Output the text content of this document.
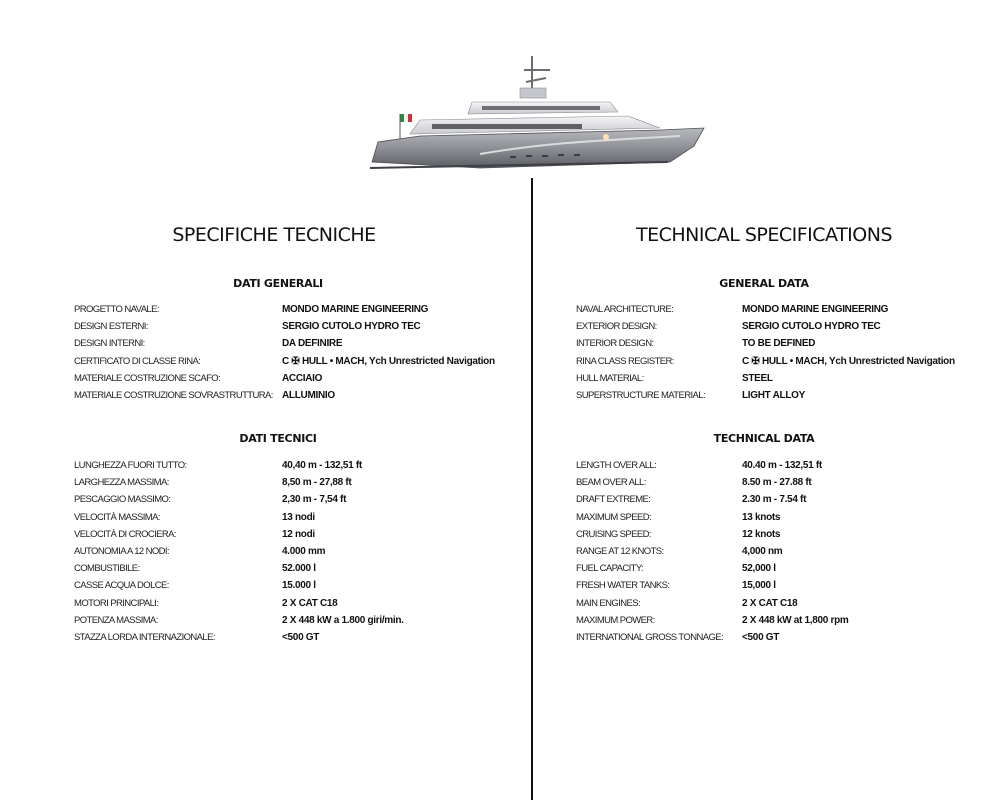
SPECIFICHE TECNICHE
DATI GENERALI
PROGETTO NAVALE:	MONDO MARINE ENGINEERING
DESIGN ESTERNI:	SERGIO CUTOLO HYDRO TEC
DESIGN INTERNI:	DA DEFINIRE
CERTIFICATO DI CLASSE RINA:	C ✠ HULL • MACH, Ych Unrestricted Navigation
MATERIALE COSTRUZIONE SCAFO:	ACCIAIO
MATERIALE COSTRUZIONE SOVRASTRUTTURA: ALLUMINIO
DATI TECNICI
LUNGHEZZA FUORI TUTTO:	40,40 m - 132,51 ft
LARGHEZZA MASSIMA:	8,50 m - 27,88 ft
PESCAGGIO MASSIMO:	2,30 m - 7,54 ft
VELOCITÀ MASSIMA:	13 nodi
VELOCITÀ DI CROCIERA:	12 nodi
AUTONOMIA A 12 NODI:	4.000 mm
COMBUSTIBILE:	52.000 l
CASSE ACQUA DOLCE:	15.000 l
MOTORI PRINCIPALI:	2 X CAT C18
POTENZA MASSIMA:	2 X 448 kW a 1.800 giri/min.
STAZZA LORDA INTERNAZIONALE:	<500 GT
TECHNICAL SPECIFICATIONS
GENERAL DATA
NAVAL ARCHITECTURE:	MONDO MARINE ENGINEERING
EXTERIOR DESIGN:	SERGIO CUTOLO HYDRO TEC
INTERIOR DESIGN:	TO BE DEFINED
RINA CLASS REGISTER:	C ✠ HULL • MACH, Ych Unrestricted Navigation
HULL MATERIAL:	STEEL
SUPERSTRUCTURE MATERIAL:	LIGHT ALLOY
TECHNICAL DATA
LENGTH OVER ALL:	40.40 m - 132,51 ft
BEAM OVER ALL:	8.50 m - 27.88 ft
DRAFT EXTREME:	2.30 m - 7.54 ft
MAXIMUM SPEED:	13 knots
CRUISING SPEED:	12 knots
RANGE AT 12 KNOTS:	4,000 nm
FUEL CAPACITY:	52,000 l
FRESH WATER TANKS:	15,000 l
MAIN ENGINES:	2 X CAT C18
MAXIMUM POWER:	2 X 448 kW at 1,800 rpm
INTERNATIONAL GROSS TONNAGE: <500 GT
